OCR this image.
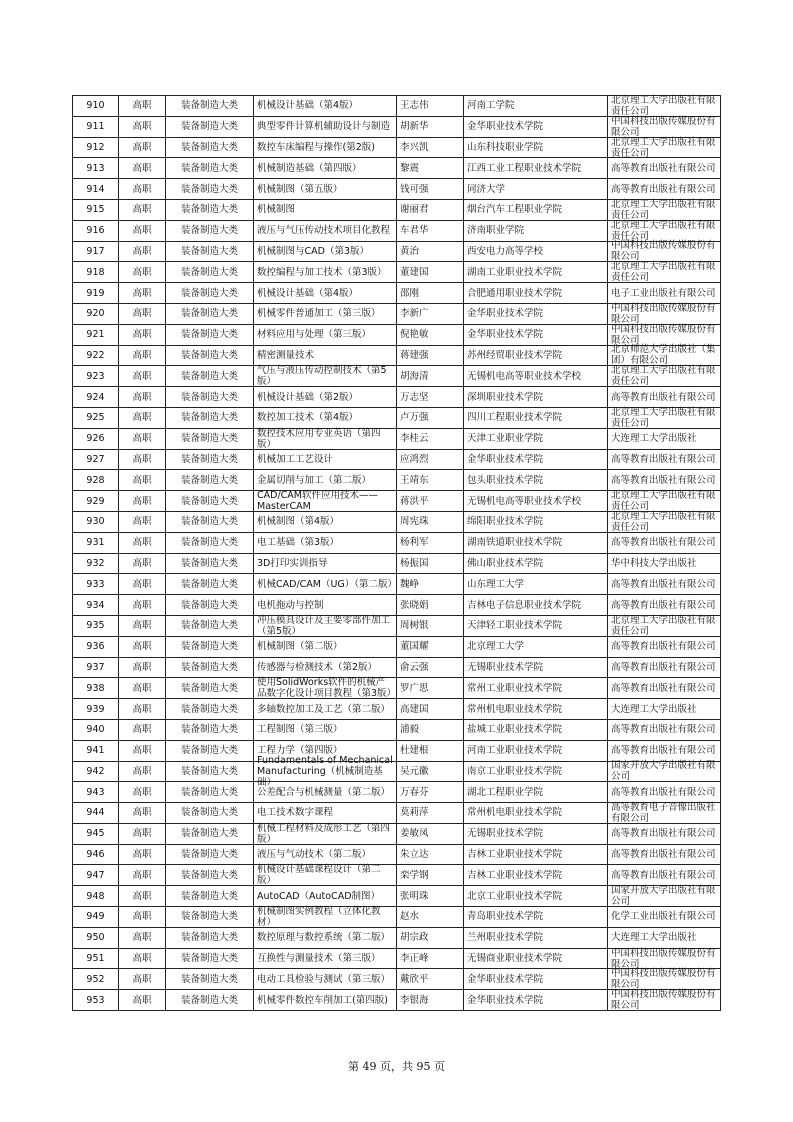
910	高职	装备制造大类	机械设计基础（第4版）	王志伟	河南工学院	北京理工大学出版社有限责任公司

911	高职	装备制造大类	典型零件计算机辅助设计与制造	胡新华	金华职业技术学院	中国科技出版传媒股份有限公司

912	高职	装备制造大类	数控车床编程与操作(第2版)	李兴凯	山东科技职业学院	北京理工大学出版社有限责任公司

913	高职	装备制造大类	机械制造基础（第四版）	黎震	江西工业工程职业技术学院	高等教育出版社有限公司

914	高职	装备制造大类	机械制图（第五版）	钱可强	同济大学	高等教育出版社有限公司

915	高职	装备制造大类	机械制图	谢丽君	烟台汽车工程职业学院	北京理工大学出版社有限责任公司

916	高职	装备制造大类	液压与气压传动技术项目化教程	车君华	济南职业学院	北京理工大学出版社有限责任公司

917	高职	装备制造大类	机械制图与CAD（第3版）	黄治	西安电力高等学校	中国科技出版传媒股份有限公司

918	高职	装备制造大类	数控编程与加工技术（第3版）	董建国	湖南工业职业技术学院	北京理工大学出版社有限责任公司

919	高职	装备制造大类	机械设计基础（第4版）	邵刚	合肥通用职业技术学院	电子工业出版社有限公司

920	高职	装备制造大类	机械零件普通加工（第三版）	李新广	金华职业技术学院	中国科技出版传媒股份有限公司

921	高职	装备制造大类	材料应用与处理（第三版）	倪艳敏	金华职业技术学院	中国科技出版传媒股份有限公司

922	高职	装备制造大类	精密测量技术	蒋建强	苏州经贸职业技术学院	北京师范大学出版社（集团）有限公司

923	高职	装备制造大类	气压与液压传动控制技术（第5版）	胡海清	无锡机电高等职业技术学校	北京理工大学出版社有限责任公司

924	高职	装备制造大类	机械设计基础（第2版）	万志坚	深圳职业技术学院	高等教育出版社有限公司

925	高职	装备制造大类	数控加工技术（第4版）	卢万强	四川工程职业技术学院	北京理工大学出版社有限责任公司

926	高职	装备制造大类	数控技术应用专业英语（第四版）	李桂云	天津工业职业学院	大连理工大学出版社

927	高职	装备制造大类	机械加工工艺设计	应鸿烈	金华职业技术学院	高等教育出版社有限公司

928	高职	装备制造大类	金属切削与加工（第二版）	王靖东	包头职业技术学院	高等教育出版社有限公司

929	高职	装备制造大类	CAD/CAM软件应用技术——MasterCAM	蒋洪平	无锡机电高等职业技术学校	北京理工大学出版社有限责任公司

930	高职	装备制造大类	机械制图（第4版）	周宪珠	绵阳职业技术学院	北京理工大学出版社有限责任公司

931	高职	装备制造大类	电工基础（第3版）	杨利军	湖南铁道职业技术学院	高等教育出版社有限公司

932	高职	装备制造大类	3D打印实训指导	杨振国	佛山职业技术学院	华中科技大学出版社

933	高职	装备制造大类	机械CAD/CAM（UG）（第二版）	魏峥	山东理工大学	高等教育出版社有限公司

934	高职	装备制造大类	电机拖动与控制	张晓娟	吉林电子信息职业技术学院	高等教育出版社有限公司

935	高职	装备制造大类	冲压模具设计及主要零部件加工（第5版）	周树银	天津轻工职业技术学院	北京理工大学出版社有限责任公司

936	高职	装备制造大类	机械制图（第二版）	董国耀	北京理工大学	高等教育出版社有限公司

937	高职	装备制造大类	传感器与检测技术（第2版）	俞云强	无锡职业技术学院	高等教育出版社有限公司

938	高职	装备制造大类	使用SolidWorks软件的机械产品数字化设计项目教程（第3版）	罗广思	常州工业职业技术学院	高等教育出版社有限公司

939	高职	装备制造大类	多轴数控加工及工艺（第二版）	高建国	常州机电职业技术学院	大连理工大学出版社

940	高职	装备制造大类	工程制图（第三版）	浦毅	盐城工业职业技术学院	高等教育出版社有限公司

941	高职	装备制造大类	工程力学（第四版）	杜建根	河南工业职业技术学院	高等教育出版社有限公司

942	高职	装备制造大类	Fundamentals of Mechanical Manufacturing（机械制造基础）	吴元徽	南京工业职业技术学院	国家开放大学出版社有限公司

943	高职	装备制造大类	公差配合与机械测量（第二版）	万春芬	湖北工程职业学院	高等教育出版社有限公司

944	高职	装备制造大类	电工技术数字课程	莫莉萍	常州机电职业技术学院	高等教育电子音像出版社有限公司

945	高职	装备制造大类	机械工程材料及成形工艺（第四版）	姜敏凤	无锡职业技术学院	高等教育出版社有限公司

946	高职	装备制造大类	液压与气动技术（第二版）	朱立达	吉林工业职业技术学院	高等教育出版社有限公司

947	高职	装备制造大类	机械设计基础课程设计（第二版）	栾学钢	吉林工业职业技术学院	高等教育出版社有限公司

948	高职	装备制造大类	AutoCAD（AutoCAD制图）	张明珠	北京工业职业技术学院	国家开放大学出版社有限公司

949	高职	装备制造大类	机械制图实例教程（立体化教材）	赵水	青岛职业技术学院	化学工业出版社有限公司

950	高职	装备制造大类	数控原理与数控系统（第二版）	胡宗政	兰州职业技术学院	大连理工大学出版社

951	高职	装备制造大类	互换性与测量技术（第三版）	李正峰	无锡商业职业技术学院	中国科技出版传媒股份有限公司

952	高职	装备制造大类	电动工具检验与测试（第三版）	戴欣平	金华职业技术学院	中国科技出版传媒股份有限公司

953	高职	装备制造大类	机械零件数控车削加工(第四版)	李银海	金华职业技术学院	中国科技出版传媒股份有限公司
第 49 页，共 95 页
